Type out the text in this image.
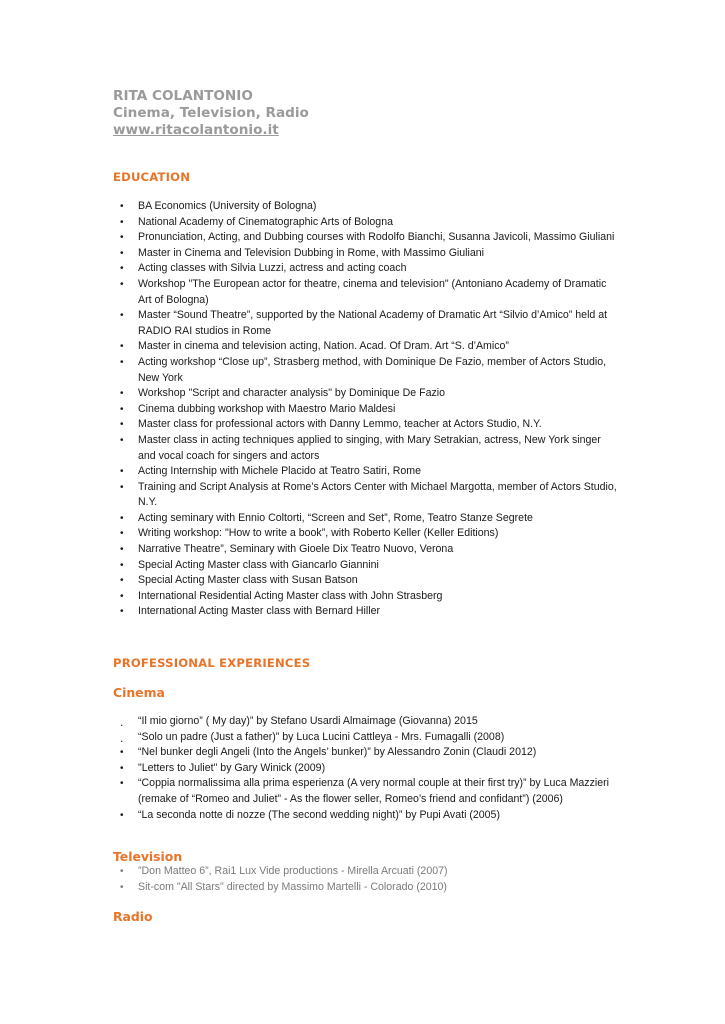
RITA COLANTONIO
Cinema, Television, Radio
www.ritacolantonio.it
EDUCATION
• BA Economics (University of Bologna)
• National Academy of Cinematographic Arts of Bologna
• Pronunciation, Acting, and Dubbing courses with Rodolfo Bianchi, Susanna Javicoli, Massimo Giuliani
• Master in Cinema and Television Dubbing in Rome, with Massimo Giuliani
• Acting classes with Silvia Luzzi, actress and acting coach
• Workshop "The European actor for theatre, cinema and television" (Antoniano Academy of Dramatic Art of Bologna)
• Master “Sound Theatre”, supported by the National Academy of Dramatic Art “Silvio d’Amico” held at RADIO RAI studios in Rome
• Master in cinema and television acting, Nation. Acad. Of Dram. Art “S. d’Amico”
• Acting workshop “Close up”, Strasberg method, with Dominique De Fazio, member of Actors Studio, New York
• Workshop "Script and character analysis" by Dominique De Fazio
• Cinema dubbing workshop with Maestro Mario Maldesi
• Master class for professional actors with Danny Lemmo, teacher at Actors Studio, N.Y.
• Master class in acting techniques applied to singing, with Mary Setrakian, actress, New York singer and vocal coach for singers and actors
• Acting Internship with Michele Placido at Teatro Satiri, Rome
• Training and Script Analysis at Rome’s Actors Center with Michael Margotta, member of Actors Studio, N.Y.
• Acting seminary with Ennio Coltorti, “Screen and Set”, Rome, Teatro Stanze Segrete
• Writing workshop: "How to write a book”, with Roberto Keller (Keller Editions)
• Narrative Theatre”, Seminary with Gioele Dix Teatro Nuovo, Verona
• Special Acting Master class with Giancarlo Giannini
• Special Acting Master class with Susan Batson
• International Residential Acting Master class with John Strasberg
• International Acting Master class with Bernard Hiller
PROFESSIONAL EXPERIENCES
Cinema
. “Il mio giorno” ( My day)” by Stefano Usardi Almaimage (Giovanna) 2015
. “Solo un padre (Just a father)” by Luca Lucini Cattleya - Mrs. Fumagalli (2008)
• “Nel bunker degli Angeli (Into the Angels’ bunker)” by Alessandro Zonin (Claudi 2012)
• "Letters to Juliet" by Gary Winick (2009)
• “Coppia normalissima alla prima esperienza (A very normal couple at their first try)” by Luca Mazzieri (remake of “Romeo and Juliet” - As the flower seller, Romeo’s friend and confidant”) (2006)
• “La seconda notte di nozze (The second wedding night)” by Pupi Avati (2005)
Television
• ”Don Matteo 6”, Rai1 Lux Vide productions - Mirella Arcuati (2007)
• Sit-com "All Stars" directed by Massimo Martelli - Colorado (2010)
Radio
